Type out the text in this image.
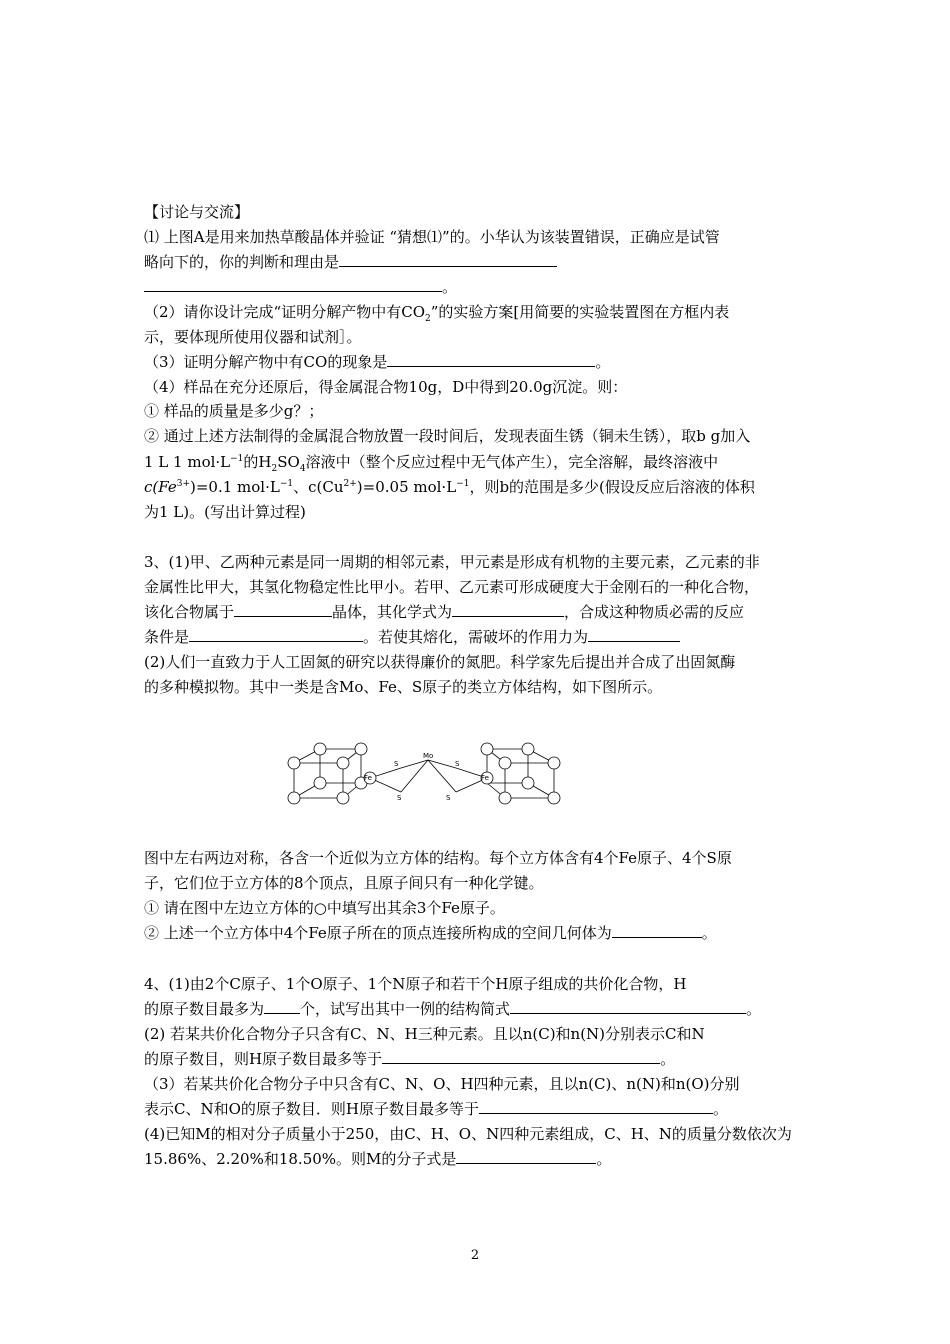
【讨论与交流】
⑴ 上图A是用来加热草酸晶体并验证 “猜想⑴”的。小华认为该装置错误，正确应是试管
略向下的，你的判断和理由是
。
（2）请你设计完成“证明分解产物中有$CO_2$”的实验方案[用简要的实验装置图在方框内表
示，要体现所使用仪器和试剂］。
（3）证明分解产物中有CO的现象是	。
（4）样品在充分还原后，得金属混合物10g，D中得到20.0g沉淀。则：
① 样品的质量是多少g？；
② 通过上述方法制得的金属混合物放置一段时间后，发现表面生锈（铜未生锈），取b g加入
1 L 1 $mol\cdot L^{-1}$的$H_2SO_4$溶液中（整个反应过程中无气体产生），完全溶解，最终溶液中
$c(Fe^{3+})=0.1$ $mol\cdot L^{-1}$、$c(Cu^{2+})=0.05$ $mol\cdot L^{-1}$，则b的范围是多少(假设反应后溶液的体积
为1 L)。(写出计算过程)
3、(1)甲、乙两种元素是同一周期的相邻元素，甲元素是形成有机物的主要元素，乙元素的非
金属性比甲大，其氢化物稳定性比甲小。若甲、乙元素可形成硬度大于金刚石的一种化合物，
该化合物属于	晶体，其化学式为	，合成这种物质必需的反应
条件是	。若使其熔化，需破坏的作用力为
(2)人们一直致力于人工固氮的研究以获得廉价的氮肥。科学家先后提出并合成了出固氮酶
的多种模拟物。其中一类是含Mo、Fe、S原子的类立方体结构，如下图所示。
Fe	Fe
Mo
S
S
S
S
图中左右两边对称，各含一个近似为立方体的结构。每个立方体含有4个Fe原子、4个S原
子，它们位于立方体的8个顶点，且原子间只有一种化学键。
① 请在图中左边立方体的○中填写出其余3个Fe原子。
② 上述一个立方体中4个Fe原子所在的顶点连接所构成的空间几何体为	。
4、(1)由2个C原子、1个O原子、1个N原子和若干个H原子组成的共价化合物，H
的原子数目最多为 个，试写出其中一例的结构简式	。
(2) 若某共价化合物分子只含有C、N、H三种元素。且以n(C)和n(N)分别表示C和N
的原子数目，则H原子数目最多等于	。
（3）若某共价化合物分子中只含有C、N、O、H四种元素，且以n(C)、n(N)和n(O)分别
表示C、N和O的原子数目．则H原子数目最多等于	。
(4)已知M的相对分子质量小于250，由C、H、O、N四种元素组成，C、H、N的质量分数依次为
15.86%、2.20%和18.50%。则M的分子式是	。
2
